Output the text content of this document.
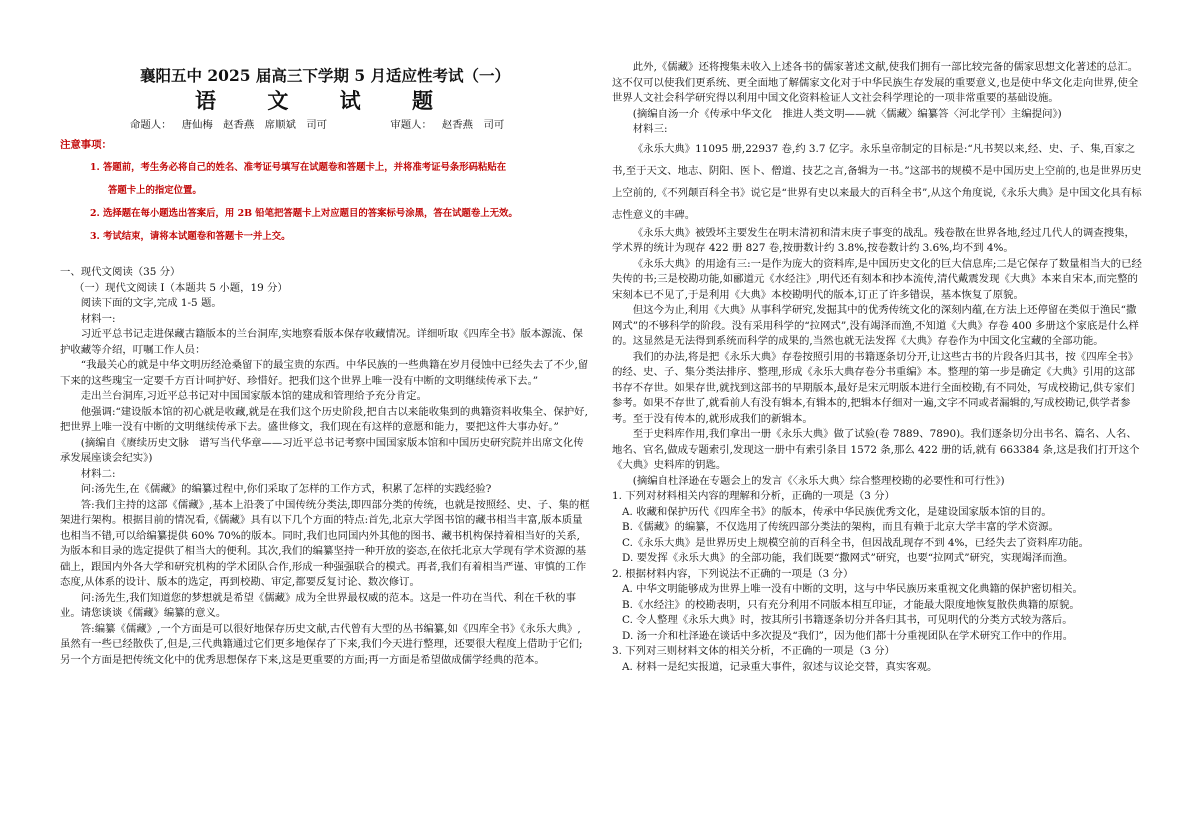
襄阳五中 2025 届高三下学期 5 月适应性考试（一）
语 文 试 题
命题人： 唐仙梅　赵香燕　席顺斌　司可	审题人： 赵香燕　司可
注意事项：
1. 答题前，考生务必将自己的姓名、准考证号填写在试题卷和答题卡上，并将准考证号条形码粘贴在
答题卡上的指定位置。
2. 选择题在每小题选出答案后，用 2B 铅笔把答题卡上对应题目的答案标号涂黑，答在试题卷上无效。
3. 考试结束，请将本试题卷和答题卡一并上交。

一、现代文阅读（35 分）

（一）现代文阅读 I（本题共 5 小题，19 分）

阅读下面的文字,完成 1-5 题。

材料一:

习近平总书记走进保藏古籍版本的兰台洞库,实地察看版本保存收藏情况。详细听取《四库全书》版本源流、保护收藏等介绍，叮嘱工作人员：

“我最关心的就是中华文明历经沧桑留下的最宝贵的东西。中华民族的一些典籍在岁月侵蚀中已经失去了不少,留下来的这些瑰宝一定要千方百计呵护好、珍惜好。把我们这个世界上唯一没有中断的文明继续传承下去。”

走出兰台洞库,习近平总书记对中国国家版本馆的建成和管理给予充分肯定。

他强调:“建设版本馆的初心就是收藏,就是在我们这个历史阶段,把自古以来能收集到的典籍资料收集全、保护好,把世界上唯一没有中断的文明继续传承下去。盛世修文，我们现在有这样的意愿和能力，要把这件大事办好。”

(摘编自《赓续历史文脉　谱写当代华章——习近平总书记考察中国国家版本馆和中国历史研究院并出席文化传承发展座谈会纪实》)

材料二:

问:汤先生,在《儒藏》的编纂过程中,你们采取了怎样的工作方式，积累了怎样的实践经验?

答:我们主持的这部《儒藏》,基本上沿袭了中国传统分类法,即四部分类的传统，也就是按照经、史、子、集的框架进行架构。根据目前的情况看,《儒藏》具有以下几个方面的特点:首先,北京大学图书馆的藏书相当丰富,版本质量也相当不错,可以给编纂提供 60% 70%的版本。同时,我们也同国内外其他的图书、藏书机构保持着相当好的关系,为版本和目录的选定提供了相当大的便利。其次,我们的编纂坚持一种开放的姿态,在依托北京大学现有学术资源的基础上，跟国内外各大学和研究机构的学术团队合作,形成一种强强联合的模式。再者,我们有着相当严谨、审慎的工作态度,从体系的设计、版本的选定，再到校勘、审定,都要反复讨论、数次修订。

问:汤先生,我们知道您的梦想就是希望《儒藏》成为全世界最权威的范本。这是一件功在当代、利在千秋的事业。请您谈谈《儒藏》编纂的意义。

答:编纂《儒藏》,一个方面是可以很好地保存历史文献,古代曾有大型的丛书编纂,如《四库全书》《永乐大典》,虽然有一些已经散佚了,但是,三代典籍通过它们更多地保存了下来,我们今天进行整理，还要很大程度上借助于它们;另一个方面是把传统文化中的优秀思想保存下来,这是更重要的方面;再一方面是希望做成儒学经典的范本。

此外,《儒藏》还将搜集未收入上述各书的儒家著述文献,使我们拥有一部比较完备的儒家思想文化著述的总汇。这不仅可以使我们更系统、更全面地了解儒家文化对于中华民族生存发展的重要意义,也是使中华文化走向世界,使全世界人文社会科学研究得以利用中国文化资料检证人文社会科学理论的一项非常重要的基础设施。

(摘编自汤一介《传承中华文化　推进人类文明——就〈儒藏〉编纂答〈河北学刊〉主编提问》)

材料三:

《永乐大典》11095 册,22937 卷,约 3.7 亿字。永乐皇帝制定的目标是:“凡书契以来,经、史、子、集,百家之书,至于天文、地志、阴阳、医卜、僧道、技艺之言,备辑为一书。”这部书的规模不是中国历史上空前的,也是世界历史上空前的,《不列颠百科全书》说它是“世界有史以来最大的百科全书”,从这个角度说,《永乐大典》是中国文化具有标志性意义的丰碑。

《永乐大典》被毁坏主要发生在明末清初和清末庚子事变的战乱。残卷散在世界各地,经过几代人的调查搜集，学术界的统计为现存 422 册 827 卷,按册数计约 3.8%,按卷数计约 3.6%,均不到 4%。

《永乐大典》的用途有三:一是作为庞大的资料库,是中国历史文化的巨大信息库;二是它保存了数量相当大的已经失传的书;三是校勘功能,如郦道元《水经注》,明代还有刻本和抄本流传,清代戴震发现《大典》本来自宋本,而完整的宋刻本已不见了,于是利用《大典》本校勘明代的版本,订正了许多错误，基本恢复了原貌。

但这今为止,利用《大典》从事科学研究,发掘其中的优秀传统文化的深刻内蕴,在方法上还停留在类似于渔民“撒网式”的不够科学的阶段。没有采用科学的“拉网式”,没有竭泽而渔,不知道《大典》存卷 400 多册这个家底是什么样的。这显然是无法得到系统而科学的成果的,当然也就无法发挥《大典》存卷作为中国文化宝藏的全部功能。

我们的办法,将是把《永乐大典》存卷按照引用的书籍逐条切分开,让这些古书的片段各归其书，按《四库全书》的经、史、子、集分类法排序、整理,形成《永乐大典存卷分书重编》本。整理的第一步是确定《大典》引用的这部书存不存世。如果存世,就找到这部书的早期版本,最好是宋元明版本进行全面校勘,有不同处，写成校勘记,供专家们参考。如果不存世了,就看前人有没有辑本,有辑本的,把辑本仔细对一遍,文字不同或者漏辑的,写成校勘记,供学者参考。至于没有传本的,就形成我们的新辑本。

至于史料库作用,我们拿出一册《永乐大典》做了试验(卷 7889、7890)。我们逐条切分出书名、篇名、人名、地名、官名,做成专题索引,发现这一册中有索引条目 1572 条,那么 422 册的话,就有 663384 条,这是我们打开这个《大典》史料库的钥匙。

(摘编自杜泽逊在专题会上的发言《〈永乐大典〉综合整理校勘的必要性和可行性》)

1. 下列对材料相关内容的理解和分析，正确的一项是（3 分）

A. 收藏和保护历代《四库全书》的版本，传承中华民族优秀文化，是建设国家版本馆的目的。

B.《儒藏》的编纂，不仅选用了传统四部分类法的架构，而且有赖于北京大学丰富的学术资源。

C.《永乐大典》是世界历史上规模空前的百科全书，但因战乱现存不到 4%，已经失去了资料库功能。

D. 要发挥《永乐大典》的全部功能，我们既要“撒网式”研究，也要“拉网式”研究，实现竭泽而渔。

2. 根据材料内容，下列说法不正确的一项是（3 分）

A. 中华文明能够成为世界上唯一没有中断的文明，这与中华民族历来重视文化典籍的保护密切相关。

B.《水经注》的校勘表明，只有充分利用不同版本相互印证，才能最大限度地恢复散佚典籍的原貌。

C. 令人整理《永乐大典》时，按其所引书籍逐条切分并各归其书，可见明代的分类方式较为落后。

D. 汤一介和杜泽逊在谈话中多次提及“我们”，因为他们都十分重视团队在学术研究工作中的作用。

3. 下列对三则材料文体的相关分析，不正确的一项是（3 分）

A. 材料一是纪实报道，记录重大事件，叙述与议论交替，真实客观。
